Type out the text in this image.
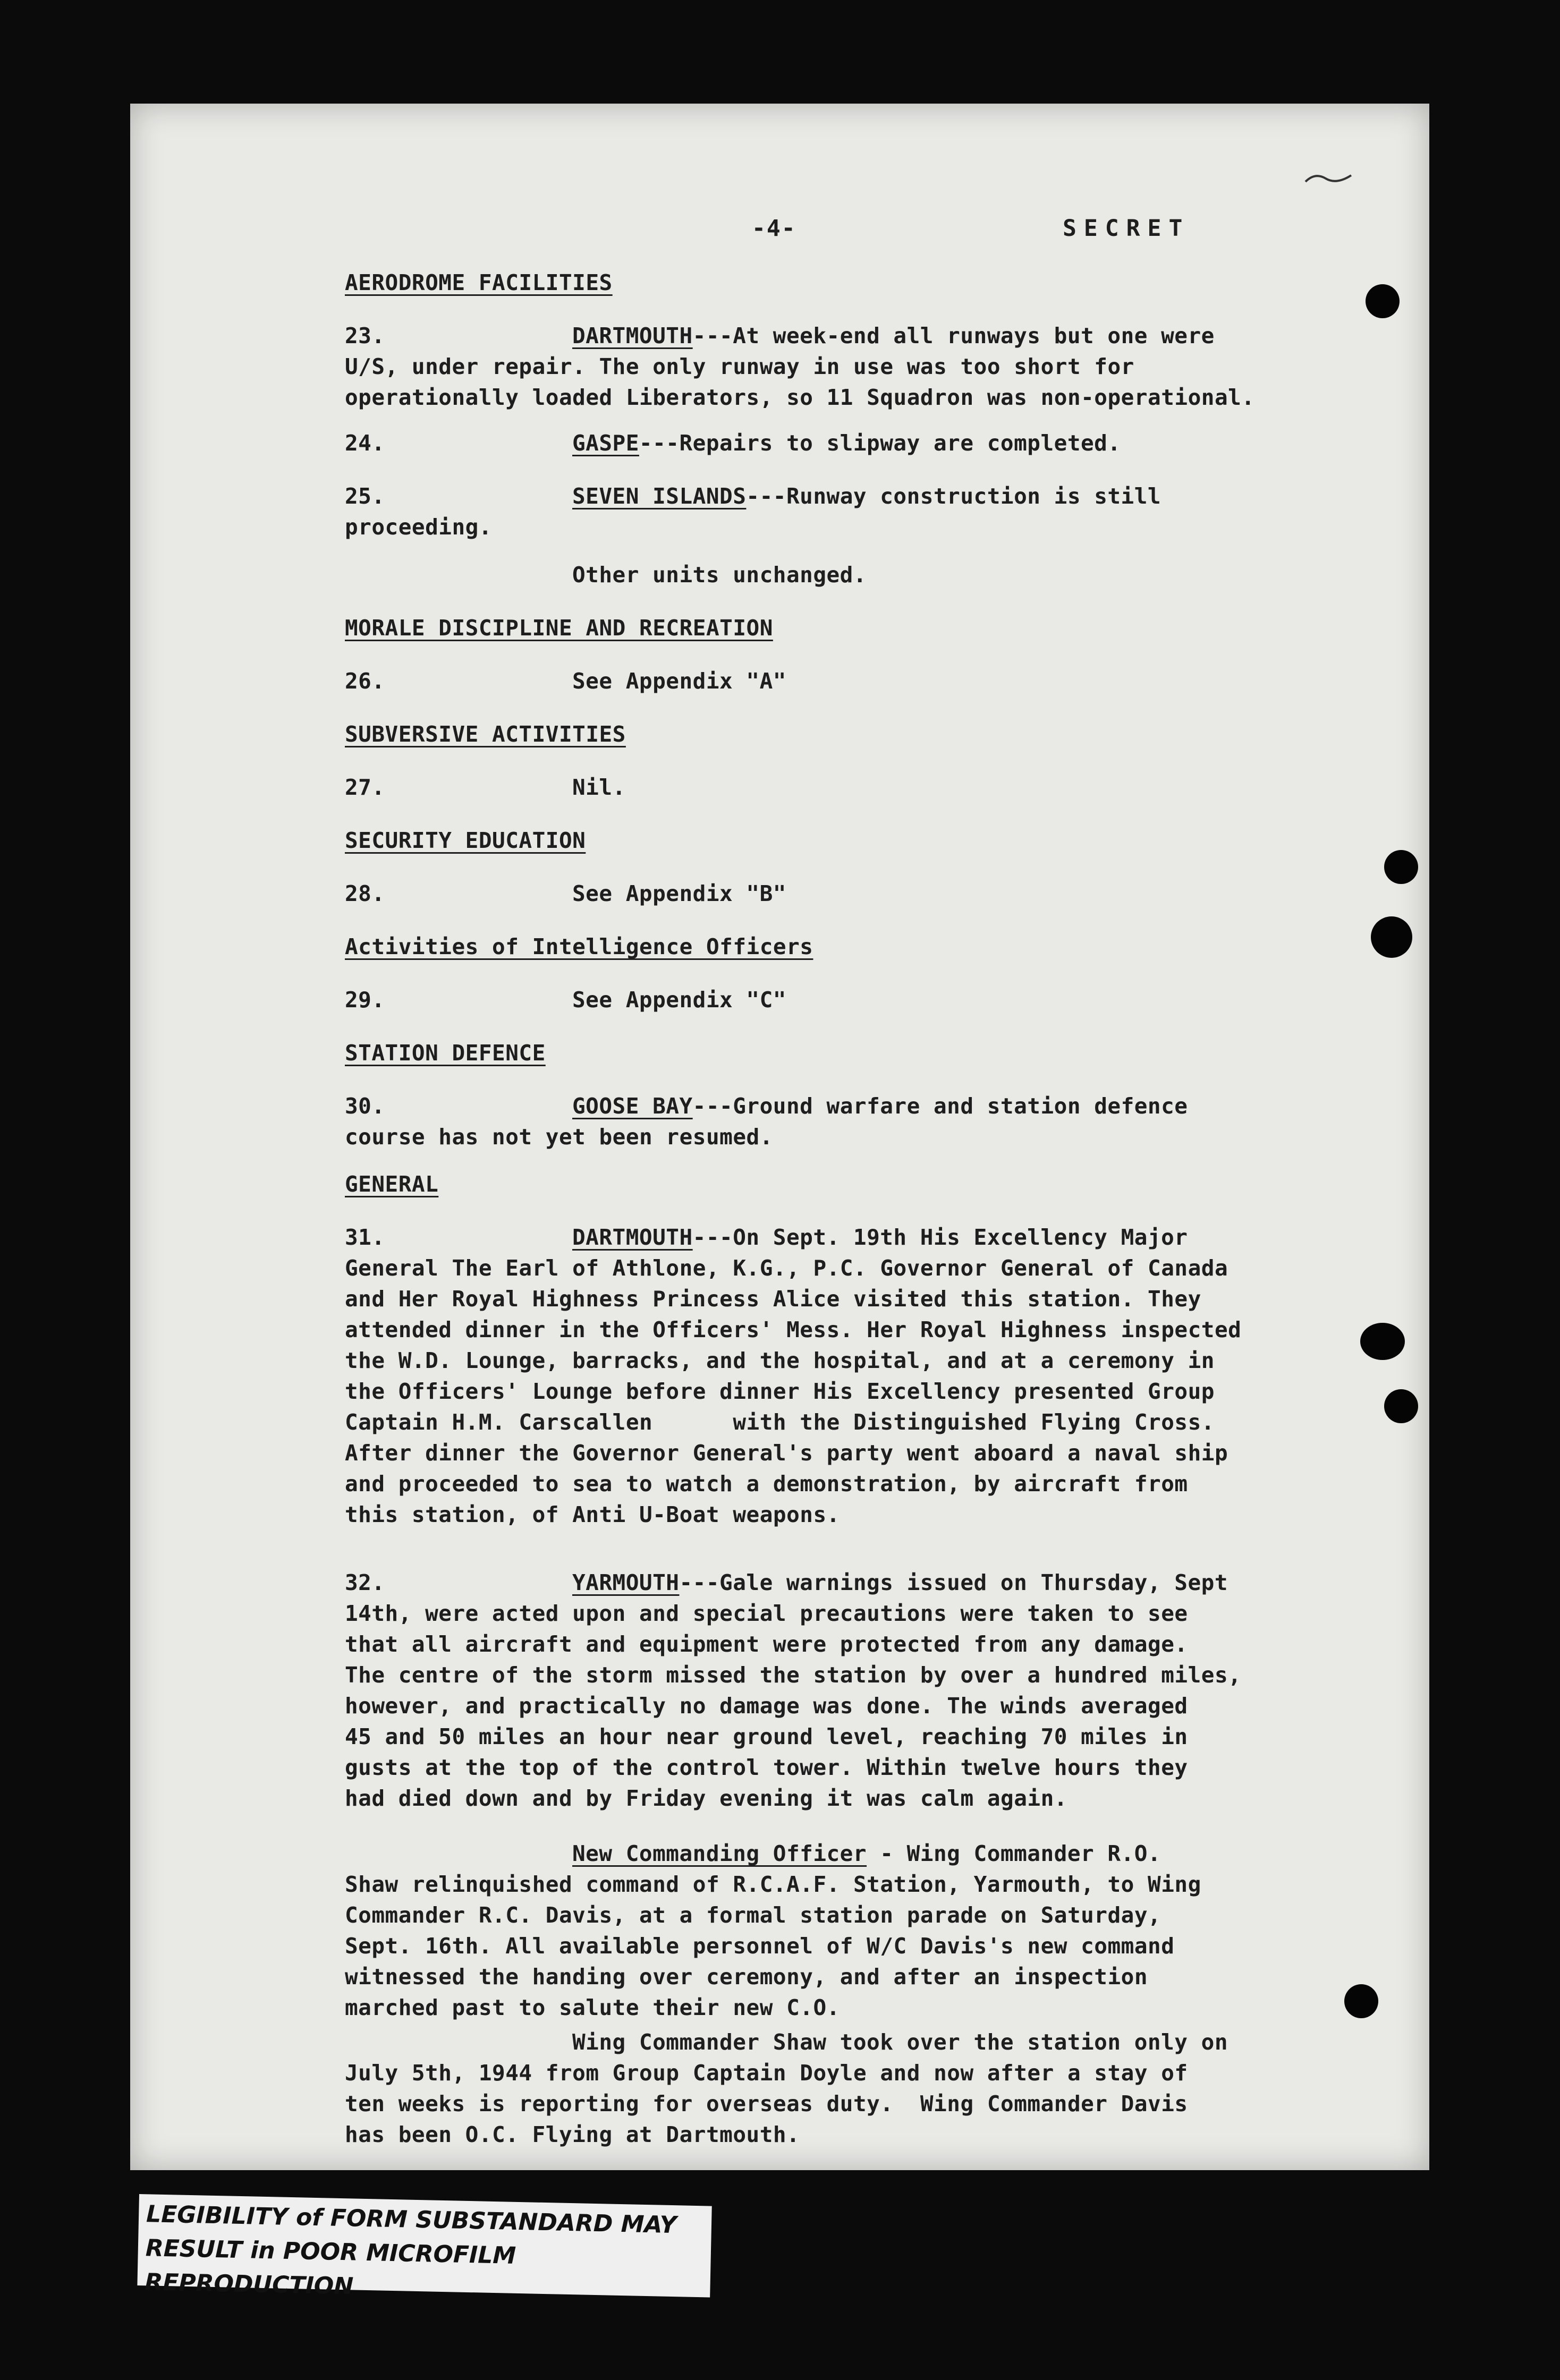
-4-	SECRET
AERODROME FACILITIES
23.	DARTMOUTH---At week-end all runways but one were
U/S, under repair. The only runway in use was too short for
operationally loaded Liberators, so 11 Squadron was non-operational.
24.	GASPE---Repairs to slipway are completed.
25.	SEVEN ISLANDS---Runway construction is still
proceeding.
Other units unchanged.
MORALE DISCIPLINE AND RECREATION
26.	See Appendix "A"
SUBVERSIVE ACTIVITIES
27.	Nil.
SECURITY EDUCATION
28.	See Appendix "B"
Activities of Intelligence Officers
29.	See Appendix "C"
STATION DEFENCE
30.	GOOSE BAY---Ground warfare and station defence
course has not yet been resumed.
GENERAL
31.	DARTMOUTH---On Sept. 19th His Excellency Major
General The Earl of Athlone, K.G., P.C. Governor General of Canada
and Her Royal Highness Princess Alice visited this station. They
attended dinner in the Officers' Mess. Her Royal Highness inspected
the W.D. Lounge, barracks, and the hospital, and at a ceremony in
the Officers' Lounge before dinner His Excellency presented Group
Captain H.M. Carscallen      with the Distinguished Flying Cross.
After dinner the Governor General's party went aboard a naval ship
and proceeded to sea to watch a demonstration, by aircraft from
this station, of Anti U-Boat weapons.
32.	YARMOUTH---Gale warnings issued on Thursday, Sept
14th, were acted upon and special precautions were taken to see
that all aircraft and equipment were protected from any damage.
The centre of the storm missed the station by over a hundred miles,
however, and practically no damage was done. The winds averaged
45 and 50 miles an hour near ground level, reaching 70 miles in
gusts at the top of the control tower. Within twelve hours they
had died down and by Friday evening it was calm again.
New Commanding Officer - Wing Commander R.O.
Shaw relinquished command of R.C.A.F. Station, Yarmouth, to Wing
Commander R.C. Davis, at a formal station parade on Saturday,
Sept. 16th. All available personnel of W/C Davis's new command
witnessed the handing over ceremony, and after an inspection
marched past to salute their new C.O.
Wing Commander Shaw took over the station only on
July 5th, 1944 from Group Captain Doyle and now after a stay of
ten weeks is reporting for overseas duty.  Wing Commander Davis
has been O.C. Flying at Dartmouth.
LEGIBILITY of FORM SUBSTANDARD MAY
RESULT in POOR MICROFILM REPRODUCTION
